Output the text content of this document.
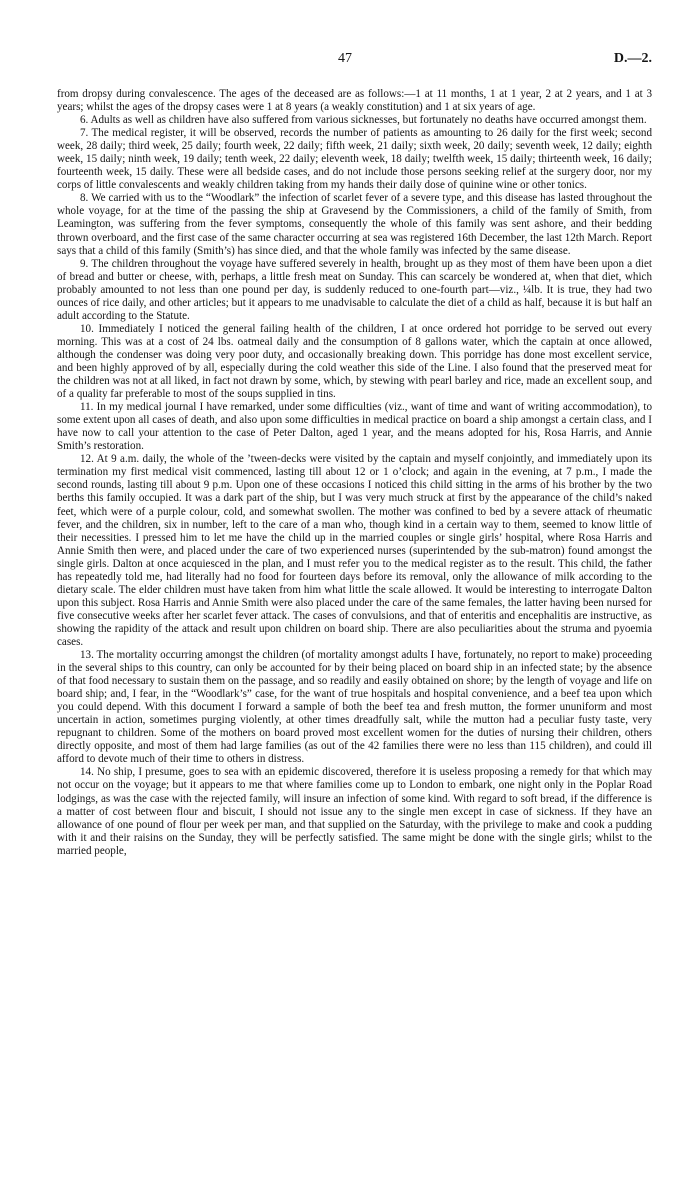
47	D.—2.

from dropsy during convalescence. The ages of the deceased are as follows:—1 at 11 months, 1 at 1 year, 2 at 2 years, and 1 at 3 years; whilst the ages of the dropsy cases were 1 at 8 years (a weakly constitution) and 1 at six years of age.

6. Adults as well as children have also suffered from various sicknesses, but fortunately no deaths have occurred amongst them.

7. The medical register, it will be observed, records the number of patients as amounting to 26 daily for the first week; second week, 28 daily; third week, 25 daily; fourth week, 22 daily; fifth week, 21 daily; sixth week, 20 daily; seventh week, 12 daily; eighth week, 15 daily; ninth week, 19 daily; tenth week, 22 daily; eleventh week, 18 daily; twelfth week, 15 daily; thirteenth week, 16 daily; fourteenth week, 15 daily. These were all bedside cases, and do not include those persons seeking relief at the surgery door, nor my corps of little convalescents and weakly children taking from my hands their daily dose of quinine wine or other tonics.

8. We carried with us to the “Woodlark” the infection of scarlet fever of a severe type, and this disease has lasted throughout the whole voyage, for at the time of the passing the ship at Gravesend by the Commissioners, a child of the family of Smith, from Leamington, was suffering from the fever symptoms, consequently the whole of this family was sent ashore, and their bedding thrown overboard, and the first case of the same character occurring at sea was registered 16th December, the last 12th March. Report says that a child of this family (Smith’s) has since died, and that the whole family was infected by the same disease.

9. The children throughout the voyage have suffered severely in health, brought up as they most of them have been upon a diet of bread and butter or cheese, with, perhaps, a little fresh meat on Sunday. This can scarcely be wondered at, when that diet, which probably amounted to not less than one pound per day, is suddenly reduced to one-fourth part—viz., ¼lb. It is true, they had two ounces of rice daily, and other articles; but it appears to me unadvisable to calculate the diet of a child as half, because it is but half an adult according to the Statute.

10. Immediately I noticed the general failing health of the children, I at once ordered hot porridge to be served out every morning. This was at a cost of 24 lbs. oatmeal daily and the consumption of 8 gallons water, which the captain at once allowed, although the condenser was doing very poor duty, and occasionally breaking down. This porridge has done most excellent service, and been highly approved of by all, especially during the cold weather this side of the Line. I also found that the preserved meat for the children was not at all liked, in fact not drawn by some, which, by stewing with pearl barley and rice, made an excellent soup, and of a quality far preferable to most of the soups supplied in tins.

11. In my medical journal I have remarked, under some difficulties (viz., want of time and want of writing accommodation), to some extent upon all cases of death, and also upon some difficulties in medical practice on board a ship amongst a certain class, and I have now to call your attention to the case of Peter Dalton, aged 1 year, and the means adopted for his, Rosa Harris, and Annie Smith’s restoration.

12. At 9 a.m. daily, the whole of the ’tween-decks were visited by the captain and myself conjointly, and immediately upon its termination my first medical visit commenced, lasting till about 12 or 1 o’clock; and again in the evening, at 7 p.m., I made the second rounds, lasting till about 9 p.m. Upon one of these occasions I noticed this child sitting in the arms of his brother by the two berths this family occupied. It was a dark part of the ship, but I was very much struck at first by the appearance of the child’s naked feet, which were of a purple colour, cold, and somewhat swollen. The mother was confined to bed by a severe attack of rheumatic fever, and the children, six in number, left to the care of a man who, though kind in a certain way to them, seemed to know little of their necessities. I pressed him to let me have the child up in the married couples or single girls’ hospital, where Rosa Harris and Annie Smith then were, and placed under the care of two experienced nurses (superintended by the sub-matron) found amongst the single girls. Dalton at once acquiesced in the plan, and I must refer you to the medical register as to the result. This child, the father has repeatedly told me, had literally had no food for fourteen days before its removal, only the allowance of milk according to the dietary scale. The elder children must have taken from him what little the scale allowed. It would be interesting to interrogate Dalton upon this subject. Rosa Harris and Annie Smith were also placed under the care of the same females, the latter having been nursed for five consecutive weeks after her scarlet fever attack. The cases of convulsions, and that of enteritis and encephalitis are instructive, as showing the rapidity of the attack and result upon children on board ship. There are also peculiarities about the struma and pyoemia cases.

13. The mortality occurring amongst the children (of mortality amongst adults I have, fortunately, no report to make) proceeding in the several ships to this country, can only be accounted for by their being placed on board ship in an infected state; by the absence of that food necessary to sustain them on the passage, and so readily and easily obtained on shore; by the length of voyage and life on board ship; and, I fear, in the “Woodlark’s” case, for the want of true hospitals and hospital convenience, and a beef tea upon which you could depend. With this document I forward a sample of both the beef tea and fresh mutton, the former ununiform and most uncertain in action, sometimes purging violently, at other times dreadfully salt, while the mutton had a peculiar fusty taste, very repugnant to children. Some of the mothers on board proved most excellent women for the duties of nursing their children, others directly opposite, and most of them had large families (as out of the 42 families there were no less than 115 children), and could ill afford to devote much of their time to others in distress.

14. No ship, I presume, goes to sea with an epidemic discovered, therefore it is useless proposing a remedy for that which may not occur on the voyage; but it appears to me that where families come up to London to embark, one night only in the Poplar Road lodgings, as was the case with the rejected family, will insure an infection of some kind. With regard to soft bread, if the difference is a matter of cost between flour and biscuit, I should not issue any to the single men except in case of sickness. If they have an allowance of one pound of flour per week per man, and that supplied on the Saturday, with the privilege to make and cook a pudding with it and their raisins on the Sunday, they will be perfectly satisfied. The same might be done with the single girls; whilst to the married people,
